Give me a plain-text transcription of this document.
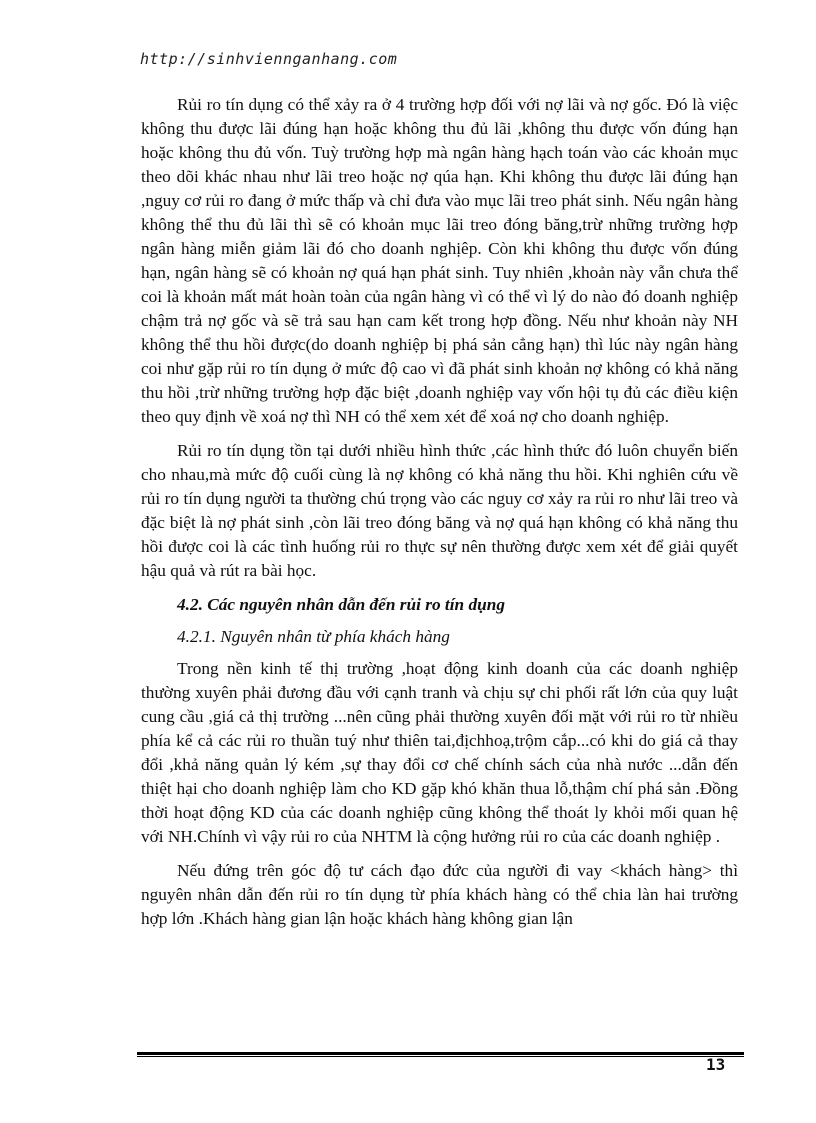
http://sinhviennganhang.com

Rủi ro tín dụng có thể xảy ra ở 4 trường hợp đối với nợ lãi và nợ gốc. Đó là việc không thu được lãi đúng hạn hoặc không thu đủ lãi ,không thu được vốn đúng hạn hoặc không thu đủ vốn. Tuỳ trường hợp mà ngân hàng hạch toán vào các khoản mục theo dõi khác nhau như lãi treo hoặc nợ qúa hạn. Khi không thu được lãi đúng hạn ,nguy cơ rủi ro đang ở mức thấp và chỉ đưa vào mục lãi treo phát sinh. Nếu ngân hàng không thể thu đủ lãi thì sẽ có khoản mục lãi treo đóng băng,trừ những trường hợp ngân hàng miễn giảm lãi đó cho doanh nghịêp. Còn khi không thu được vốn đúng hạn, ngân hàng sẽ có khoản nợ quá hạn phát sinh. Tuy nhiên ,khoản này vẫn chưa thể coi là khoản mất mát hoàn toàn của ngân hàng vì có thể vì lý do nào đó doanh nghiệp chậm trả nợ gốc và sẽ trả sau hạn cam kết trong hợp đồng. Nếu như khoản này NH không thể thu hồi được(do doanh nghiệp bị phá sản cẳng hạn) thì lúc này ngân hàng coi như gặp rủi ro tín dụng ở mức độ cao vì đã phát sinh khoản nợ không có khả năng thu hồi ,trừ những trường hợp đặc biệt ,doanh nghiệp vay vốn hội tụ đủ các điều kiện theo quy định về xoá nợ thì NH có thể xem xét để xoá nợ cho doanh nghiệp.

Rủi ro tín dụng tồn tại dưới nhiều hình thức ,các hình thức đó luôn chuyển biến cho nhau,mà mức độ cuối cùng là nợ không có khả năng thu hồi. Khi nghiên cứu về rủi ro tín dụng người ta thường chú trọng vào các nguy cơ xảy ra rủi ro như lãi treo và đặc biệt là nợ phát sinh ,còn lãi treo đóng băng và nợ quá hạn không có khả năng thu hồi được coi là các tình huống rủi ro thực sự nên thường được xem xét để giải quyết hậu quả và rút ra bài học.

4.2. Các nguyên nhân dẫn đến rủi ro tín dụng

4.2.1. Nguyên nhân từ phía khách hàng

Trong nền kinh tế thị trường ,hoạt động kinh doanh của các doanh nghiệp thường xuyên phải đương đầu với cạnh tranh và chịu sự chi phối rất lớn của quy luật cung cầu ,giá cả thị trường ...nên cũng phải thường xuyên đối mặt với rủi ro từ nhiều phía kể cả các rủi ro thuần tuý như thiên tai,địchhoạ,trộm cắp...có khi do giá cả thay đổi ,khả năng quản lý kém ,sự thay đổi cơ chế chính sách của nhà nước ...dẫn đến thiệt hại cho doanh nghiệp làm cho KD gặp khó khăn thua lỗ,thậm chí phá sản .Đồng thời hoạt động KD của các doanh nghiệp cũng không thể thoát ly khỏi mối quan hệ với NH.Chính vì vậy rủi ro của NHTM là cộng hưởng rủi ro của các doanh nghiệp .

Nếu đứng trên góc độ tư cách đạo đức của người đi vay <khách hàng> thì nguyên nhân dẫn đến rủi ro tín dụng từ phía khách hàng có thể chia làn hai trường hợp lớn .Khách hàng gian lận hoặc khách hàng không gian lận

13
